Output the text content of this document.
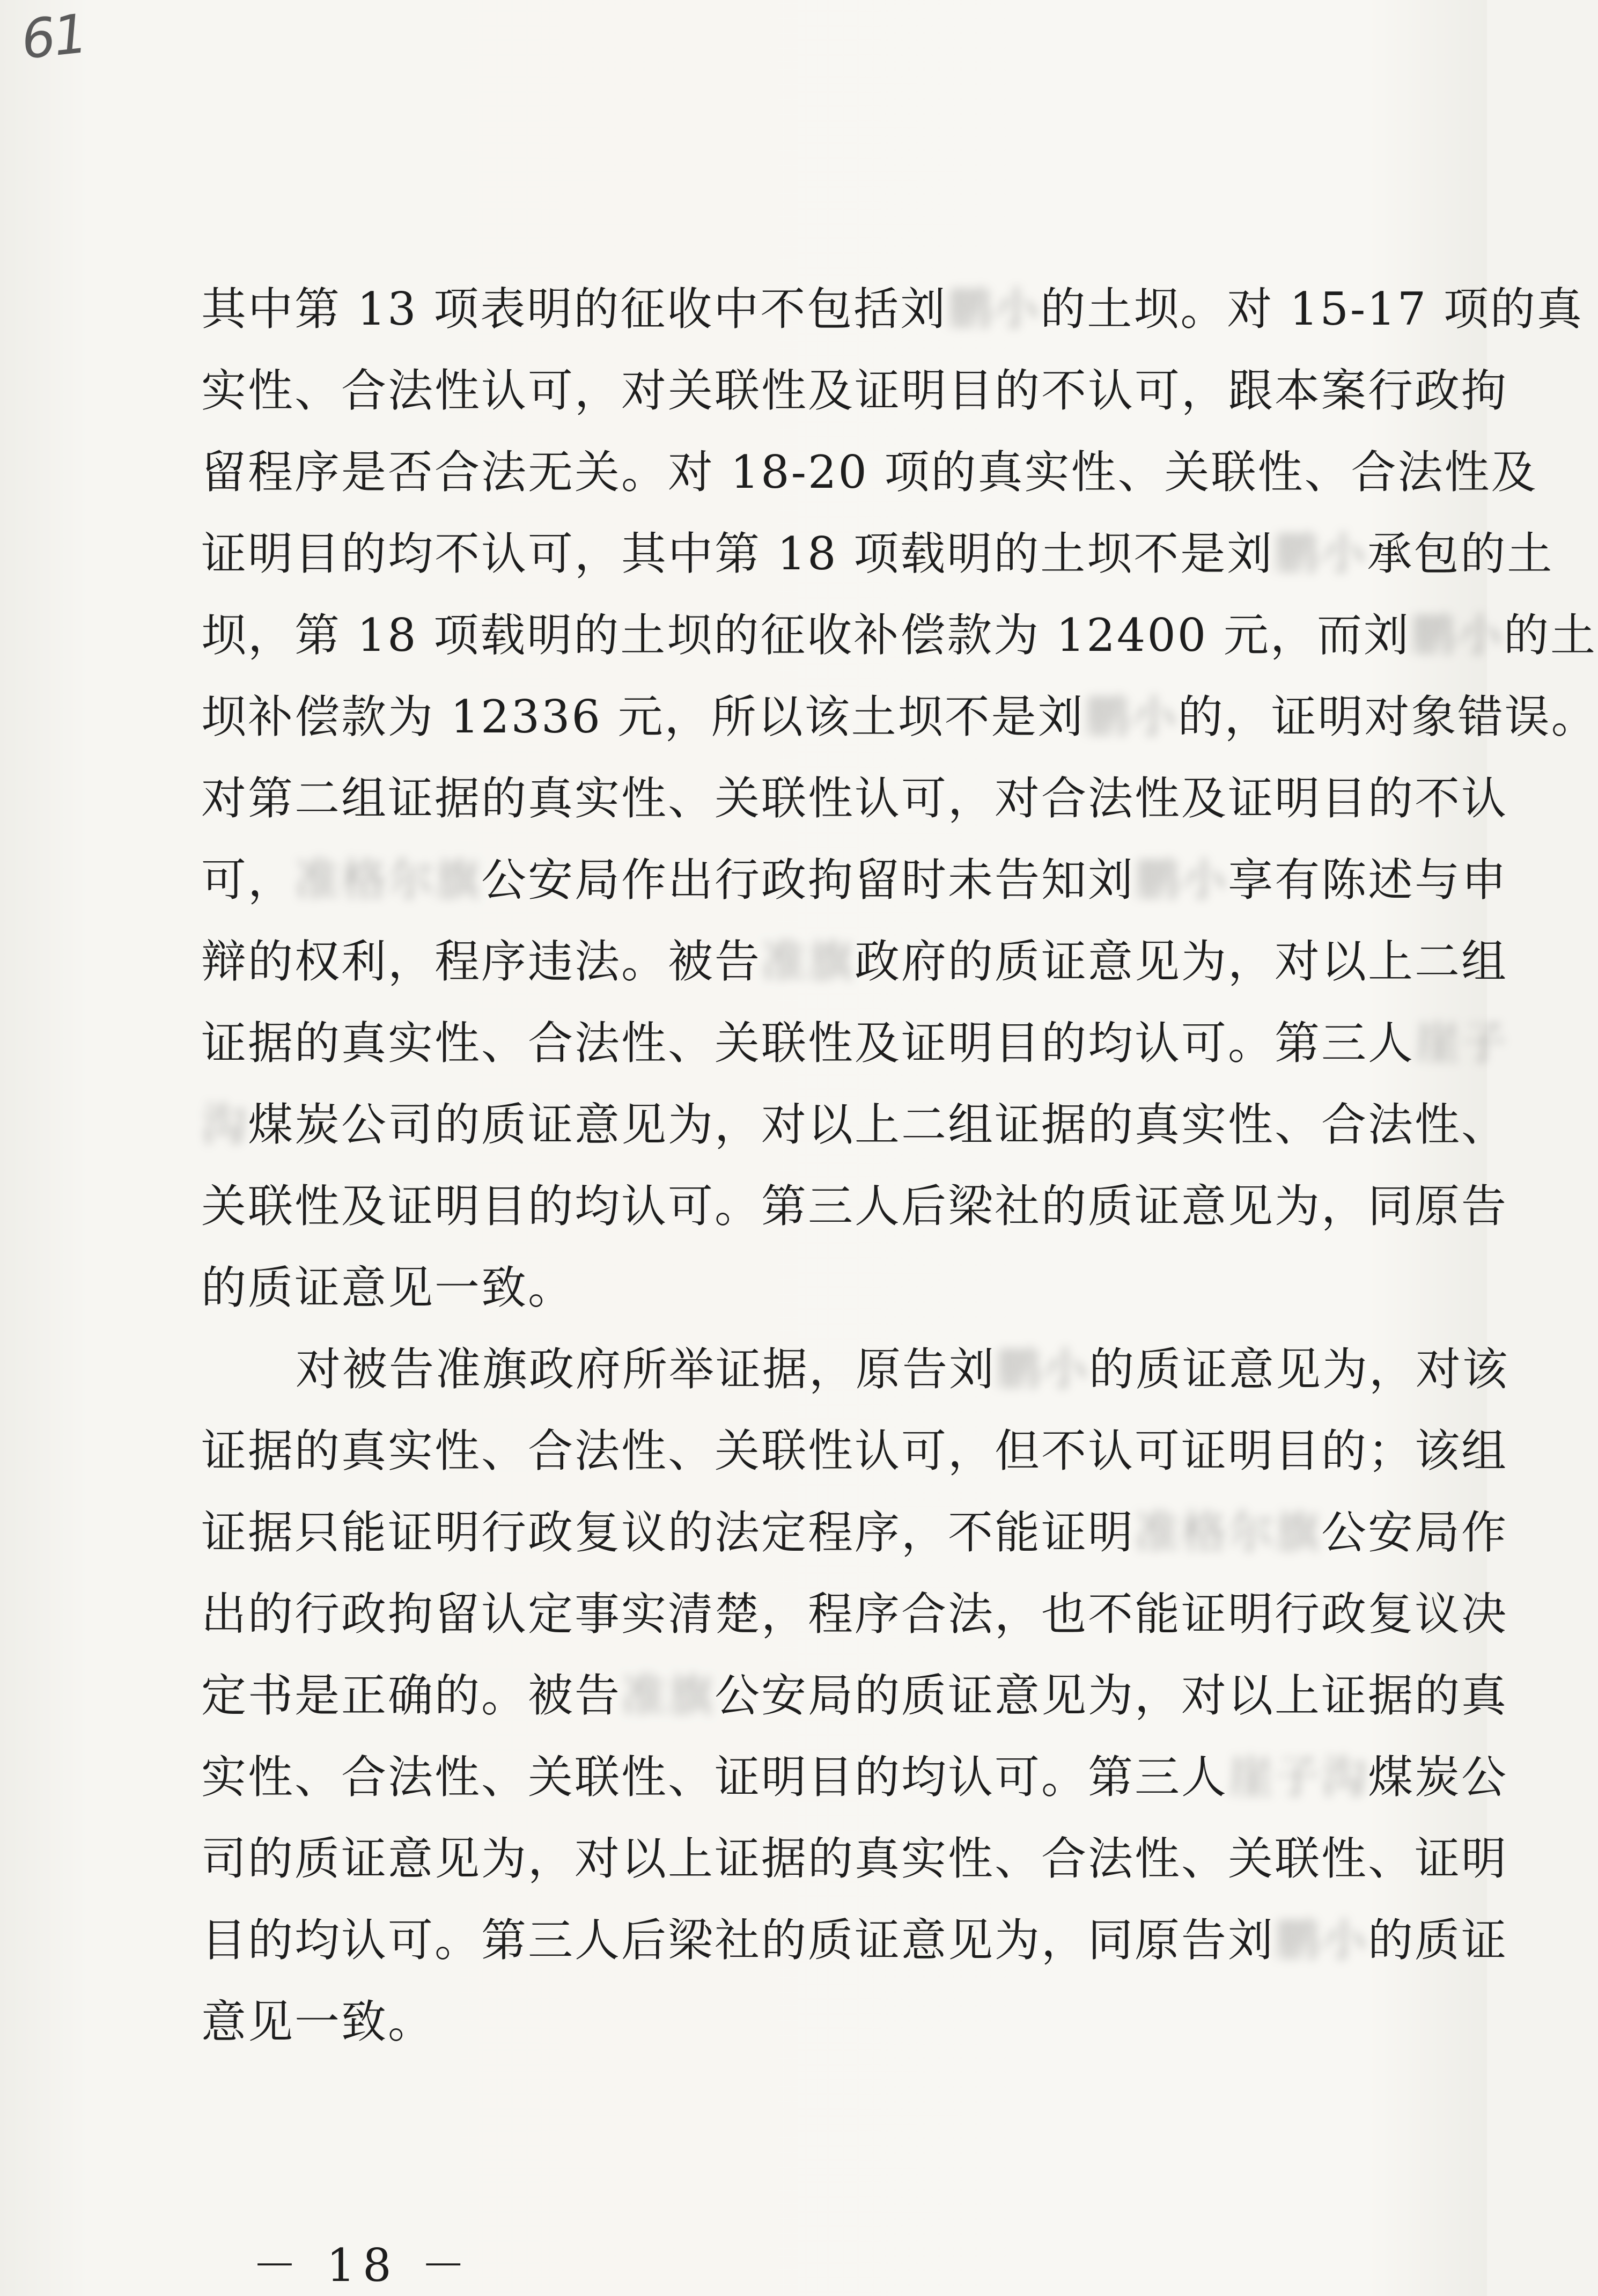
61
其中第 13 项表明的征收中不包括刘鹏小的土坝。对 15-17 项的真
实性、合法性认可，对关联性及证明目的不认可，跟本案行政拘
留程序是否合法无关。对 18-20 项的真实性、关联性、合法性及
证明目的均不认可，其中第 18 项载明的土坝不是刘鹏小承包的土
坝，第 18 项载明的土坝的征收补偿款为 12400 元，而刘鹏小的土
坝补偿款为 12336 元，所以该土坝不是刘鹏小的，证明对象错误。
对第二组证据的真实性、关联性认可，对合法性及证明目的不认
可，准格尔旗公安局作出行政拘留时未告知刘鹏小享有陈述与申
辩的权利，程序违法。被告准旗政府的质证意见为，对以上二组
证据的真实性、合法性、关联性及证明目的均认可。第三人崖子
沟煤炭公司的质证意见为，对以上二组证据的真实性、合法性、
关联性及证明目的均认可。第三人后梁社的质证意见为，同原告
的质证意见一致。
对被告准旗政府所举证据，原告刘鹏小的质证意见为，对该
证据的真实性、合法性、关联性认可，但不认可证明目的；该组
证据只能证明行政复议的法定程序，不能证明准格尔旗公安局作
出的行政拘留认定事实清楚，程序合法，也不能证明行政复议决
定书是正确的。被告准旗公安局的质证意见为，对以上证据的真
实性、合法性、关联性、证明目的均认可。第三人崖子沟煤炭公
司的质证意见为，对以上证据的真实性、合法性、关联性、证明
目的均认可。第三人后梁社的质证意见为，同原告刘鹏小的质证
意见一致。
－ 18 －
